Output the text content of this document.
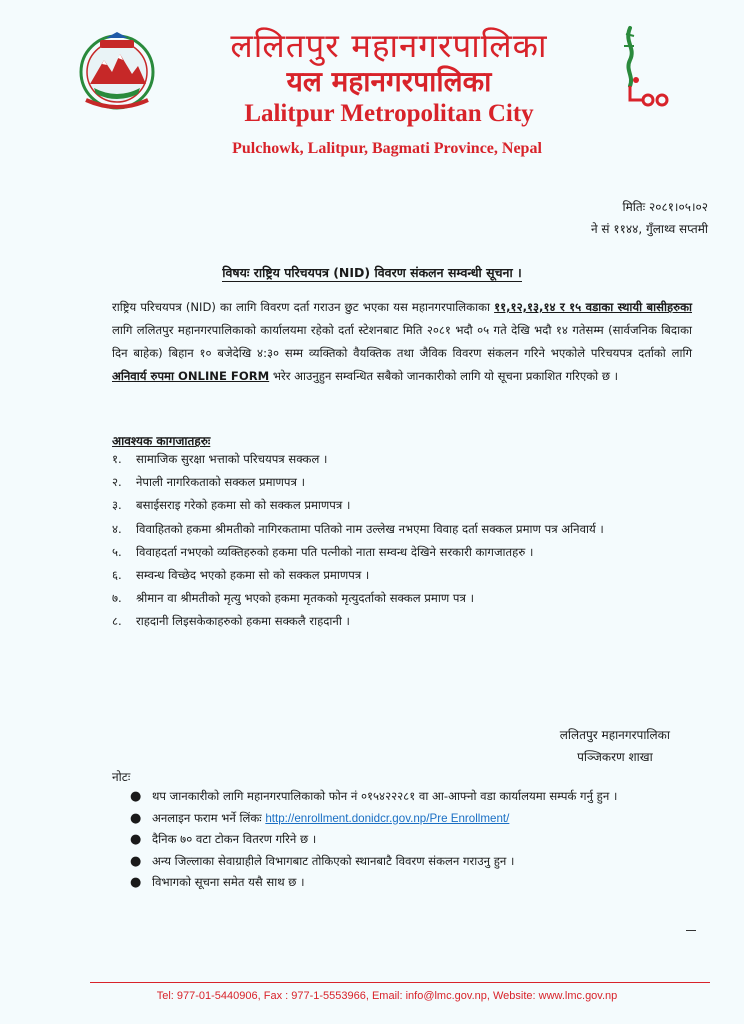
ललितपुर महानगरपालिका
यल महानगरपालिका
Lalitpur Metropolitan City
Pulchowk, Lalitpur, Bagmati Province, Nepal
मितिः २०८१।०५।०२
ने सं ११४४, गुँलाथ्व सप्तमी
विषयः राष्ट्रिय परिचयपत्र (NID) विवरण संकलन सम्वन्धी सूचना ।
राष्ट्रिय परिचयपत्र (NID) का लागि विवरण दर्ता गराउन छुट भएका यस महानगरपालिकाका ११,१२,१३,१४ र १५ वडाका स्थायी बासीहरुका लागि ललितपुर महानगरपालिकाको कार्यालयमा रहेको दर्ता स्टेशनबाट मिति २०८१ भदौ ०५ गते देखि भदौ १४ गतेसम्म (सार्वजनिक बिदाका दिन बाहेक) बिहान १० बजेदेखि ४:३० सम्म व्यक्तिको वैयक्तिक तथा जैविक विवरण संकलन गरिने भएकोले परिचयपत्र दर्ताको लागि अनिवार्य रुपमा ONLINE FORM भरेर आउनुहुन सम्वन्धित सबैको जानकारीको लागि यो सूचना प्रकाशित गरिएको छ ।
आवश्यक कागजातहरुः
१. सामाजिक सुरक्षा भत्ताको परिचयपत्र सक्कल ।
२. नेपाली नागरिकताको सक्कल प्रमाणपत्र ।
३. बसाईसराइ गरेको हकमा सो को सक्कल प्रमाणपत्र ।
४. विवाहितको हकमा श्रीमतीको नागिरकतामा पतिको नाम उल्लेख नभएमा विवाह दर्ता सक्कल प्रमाण पत्र अनिवार्य ।
५. विवाहदर्ता नभएको व्यक्तिहरुको हकमा पति पत्नीको नाता सम्वन्ध देखिने सरकारी कागजातहरु ।
६. सम्वन्ध विच्छेद भएको हकमा सो को सक्कल प्रमाणपत्र ।
७. श्रीमान वा श्रीमतीको मृत्यु भएको हकमा मृतकको मृत्युदर्ताको सक्कल प्रमाण पत्र ।
८. राहदानी लिइसकेकाहरुको हकमा सक्कलै राहदानी ।
ललितपुर महानगरपालिका
पञ्जिकरण शाखा
नोटः
● थप जानकारीको लागि महानगरपालिकाको फोन नं ०१५४२२२८१ वा आ-आफ्नो वडा कार्यालयमा सम्पर्क गर्नु हुन ।
● अनलाइन फराम भर्ने लिंकः http://enrollment.donidcr.gov.np/Pre Enrollment/
● दैनिक ७० वटा टोकन वितरण गरिने छ ।
● अन्य जिल्लाका सेवाग्राहीले विभागबाट तोकिएको स्थानबाटै विवरण संकलन गराउनु हुन ।
● विभागको सूचना समेत यसै साथ छ ।
Tel: 977-01-5440906, Fax : 977-1-5553966, Email: info@lmc.gov.np, Website: www.lmc.gov.np
